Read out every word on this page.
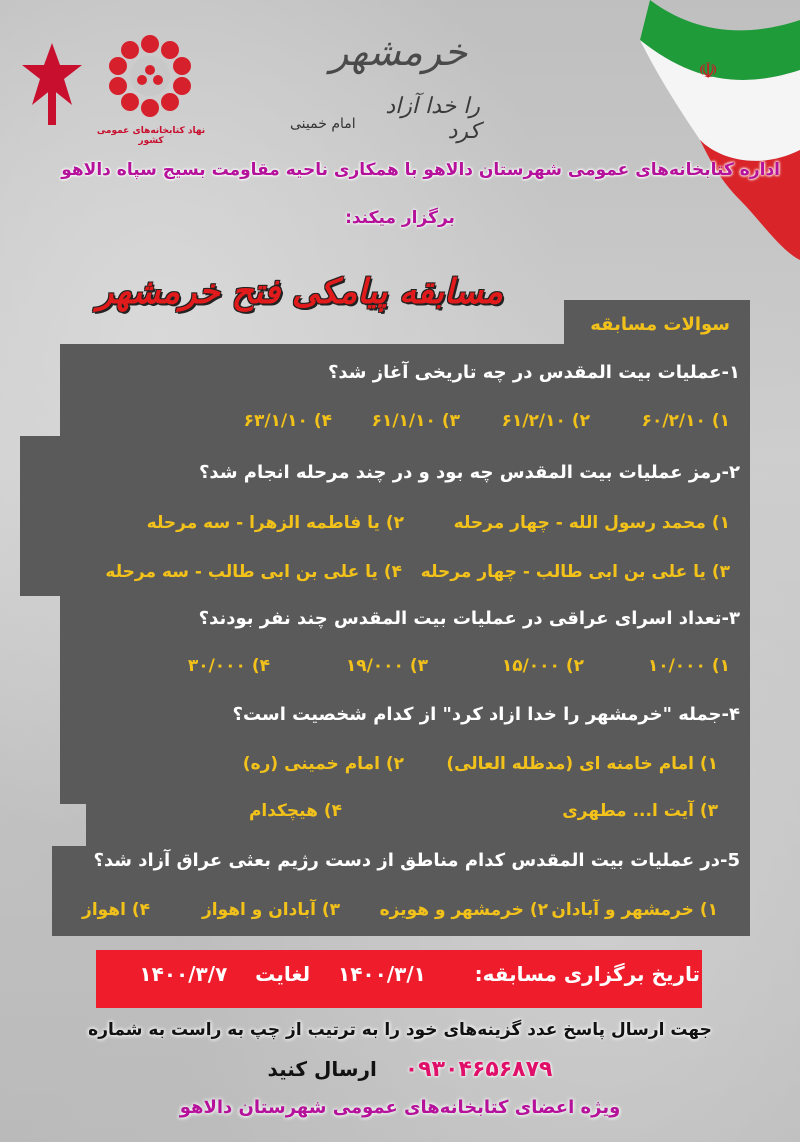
☫
نهاد کتابخانه‌های عمومی کشور
خرمشهر
را خدا آزاد کرد
امام خمینی
اداره کتابخانه‌های عمومی شهرستان دالاهو با همکاری ناحیه مقاومت بسیج سپاه دالاهو
برگزار میکند:
مسابقه پیامکی فتح خرمشهر
سوالات مسابقه
۱-عملیات بیت المقدس در چه تاریخی آغاز شد؟
۱) ۶۰/۲/۱۰
۲) ۶۱/۲/۱۰
۳) ۶۱/۱/۱۰
۴) ۶۳/۱/۱۰
۲-رمز عملیات بیت المقدس چه بود و در چند مرحله انجام شد؟
۱) محمد رسول الله - چهار مرحله
۲) یا فاطمه الزهرا - سه مرحله
۳) یا علی بن ابی طالب - چهار مرحله
۴) یا علی بن ابی طالب - سه مرحله
۳-تعداد اسرای عراقی در عملیات بیت المقدس چند نفر بودند؟
۱) ۱۰/۰۰۰
۲) ۱۵/۰۰۰
۳) ۱۹/۰۰۰
۴) ۳۰/۰۰۰
۴-جمله "خرمشهر را خدا ازاد کرد" از کدام شخصیت است؟
۱) امام خامنه ای (مدظله العالی)
۲) امام خمینی (ره)
۳) آیت ا... مطهری
۴) هیچکدام
5-در عملیات بیت المقدس کدام مناطق از دست رژیم بعثی عراق آزاد شد؟
۱) خرمشهر و آبادان
۲) خرمشهر و هویزه
۳) آبادان و اهواز
۴) اهواز
تاریخ برگزاری مسابقه:       ۱۴۰۰/۳/۱    لغایت    ۱۴۰۰/۳/۷
جهت ارسال پاسخ عدد گزینه‌های خود را به ترتیب از چپ به راست به شماره
۰۹۳۰۴۶۵۶۸۷۹    ارسال کنید
ویژه اعضای کتابخانه‌های عمومی شهرستان دالاهو
